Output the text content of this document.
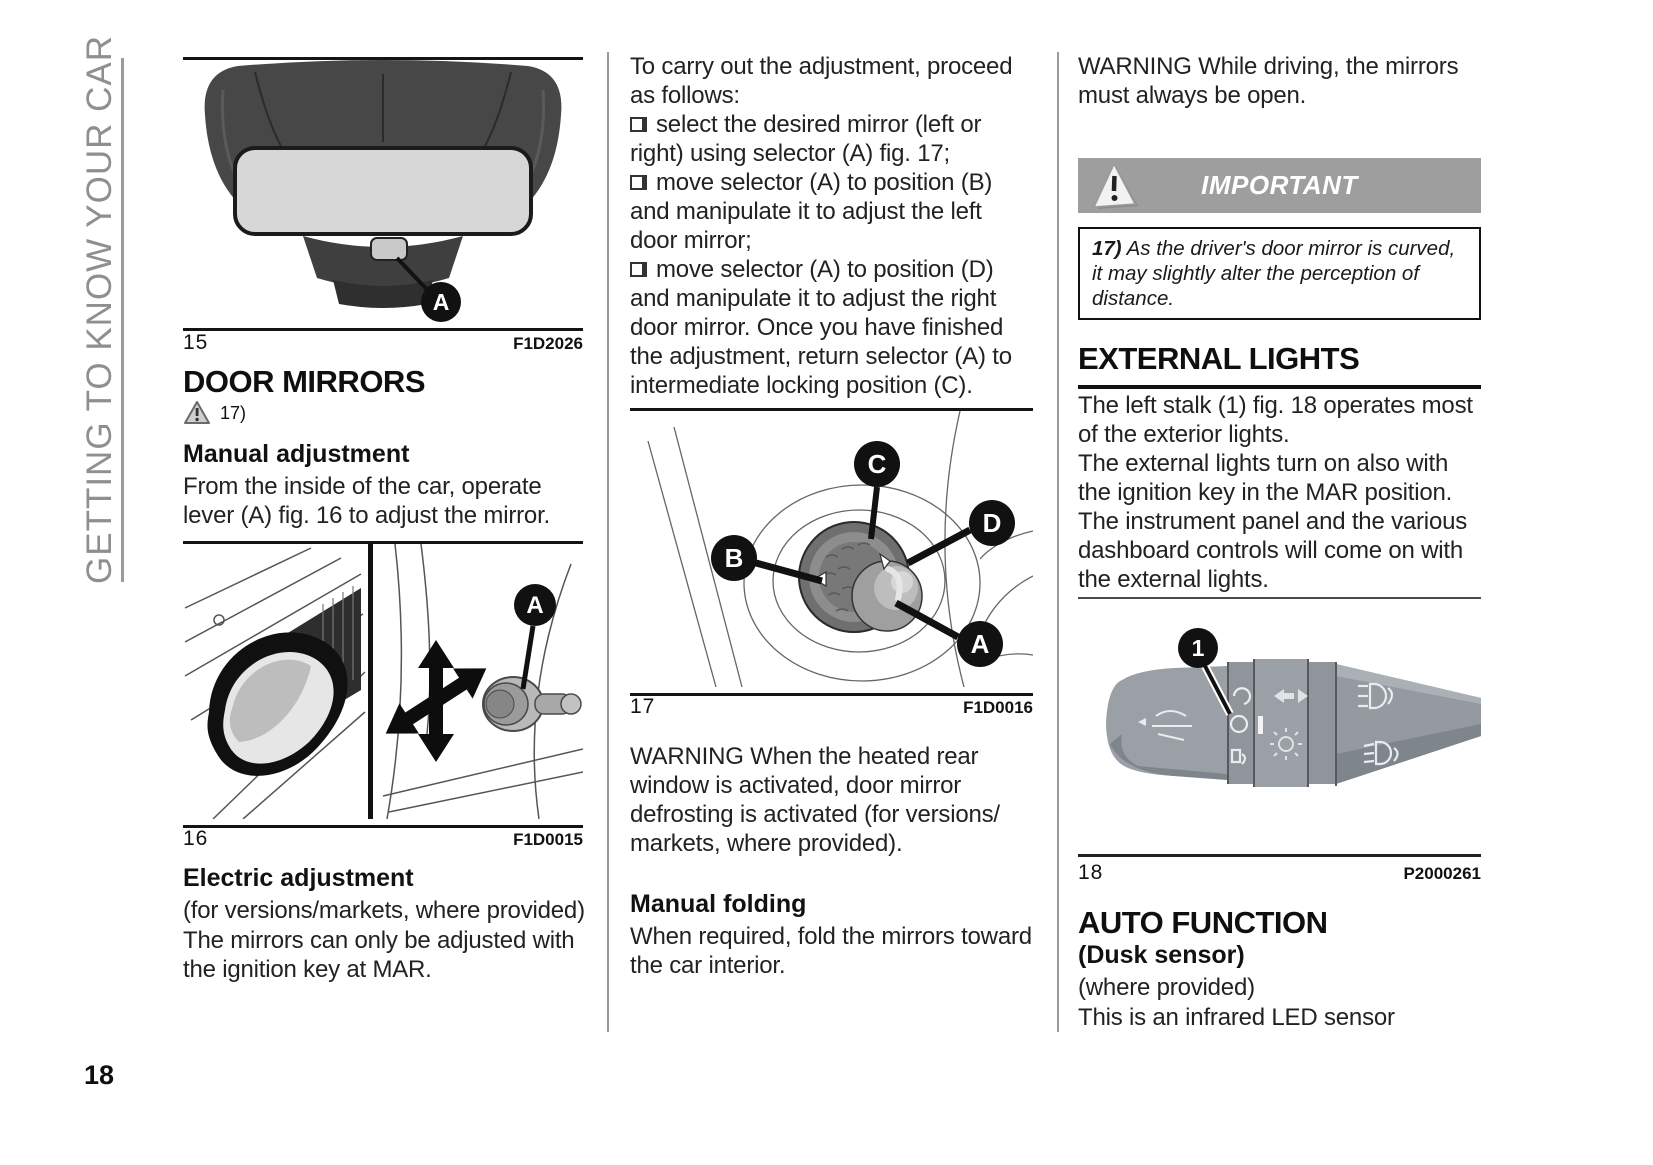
GETTING TO KNOW YOUR CAR	A
15	F1D2026
DOOR MIRRORS
17)
Manual adjustment
From the inside of the car, operate lever (A) fig. 16 to adjust the mirror.
A
16	F1D0015
Electric adjustment
(for versions/markets, where provided)
The mirrors can only be adjusted with the ignition key at MAR.
To carry out the adjustment, proceed as follows:
select the desired mirror (left or right) using selector (A) fig. 17;
move selector (A) to position (B) and manipulate it to adjust the left door mirror;
move selector (A) to position (D) and manipulate it to adjust the right door mirror. Once you have finished the adjustment, return selector (A) to intermediate locking position (C).
C
D
B
A
17	F1D0016
WARNING When the heated rear window is activated, door mirror defrosting is activated (for versions/ markets, where provided).
Manual folding
When required, fold the mirrors toward the car interior.
WARNING While driving, the mirrors must always be open.
IMPORTANT
17) As the driver's door mirror is curved, it may slightly alter the perception of distance.
EXTERNAL LIGHTS
The left stalk (1) fig. 18 operates most of the exterior lights.
The external lights turn on also with the ignition key in the MAR position.
The instrument panel and the various dashboard controls will come on with the external lights.
1
18	P2000261
AUTO FUNCTION
(Dusk sensor)
(where provided)
This is an infrared LED sensor
18
